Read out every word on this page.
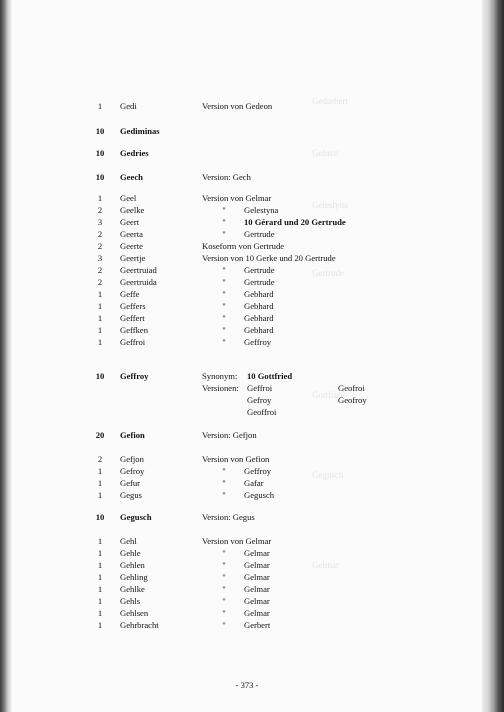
Gedarbert
Gelmar
Gelestyna
Gertrude
Gottfried
Gegusch
Gelmar
1	Gedi	Version von Gedeon
10	Gediminas
10	Gedries
10	Geech	Version: Gech
1	Geel	Version von Gelmar
2	Geelke	"	Gelestyna
3	Geert	"	10 Gérard und 20 Gertrude
2	Geerta	"	Gertrude
2	Geerte	Koseform von Gertrude
3	Geertje	Version von 10 Gerke und 20 Gertrude
2	Geertruiad	"	Gertrude
2	Geertruida	"	Gertrude
1	Geffe	"	Gebhard
1	Geffers	"	Gebhard
1	Geffert	"	Gebhard
1	Geffken	"	Gebhard
1	Geffroi	"	Geffroy
10	Geffroy	Synonym: 10 Gottfried
Versionen: Geffroi	Geofroi
Gefroy	Geofroy
Geoffroi
20	Gefion	Version: Gefjon
2	Gefjon	Version von Gefion
1	Gefroy	"	Geffroy
1	Gefur	"	Gafar
1	Gegus	"	Gegusch
10	Gegusch	Version: Gegus
1	Gehl	Version von Gelmar
1	Gehle	"	Gelmar
1	Gehlen	"	Gelmar
1	Gehling	"	Gelmar
1	Gehlke	"	Gelmar
1	Gehls	"	Gelmar
1	Gehlsen	"	Gelmar
1	Gehrbracht	"	Gerbert
- 373 -
